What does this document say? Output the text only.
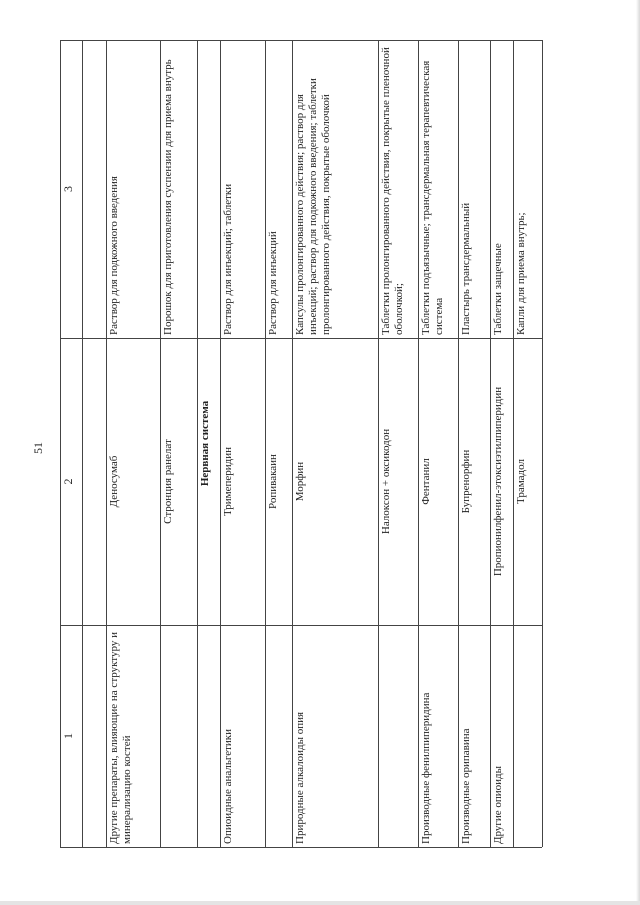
51
1
2
3
Другие препараты, влияющие на структуру и минерализацию костей
Деносумаб
Раствор для подкожного введения
Стронция ранелат
Порошок для приготовления суспензии для приема внутрь
Нервная система
Опиоидные анальгетики
Тримеперидин
Раствор для инъекций; таблетки
Ропивакаин
Раствор для инъекций
Природные алкалоиды опия
Морфин
Капсулы пролонгированного действия; раствор для инъекций; раствор для подкожного введения; таблетки пролонгированного действия, покрытые оболочкой
Налоксон + оксикодон
Таблетки пролонгированного действия, покрытые пленочной оболочкой;
Производные фенилпиперидина
Фентанил
Таблетки подъязычные; трансдермальная терапевтическая система
Производные орипавина
Бупренорфин
Пластырь трансдермальный
Другие опиоиды
Пропионилфенил-этоксиэтилпиперидин
Таблетки защечные
Трамадол
Капли для приема внутрь;
